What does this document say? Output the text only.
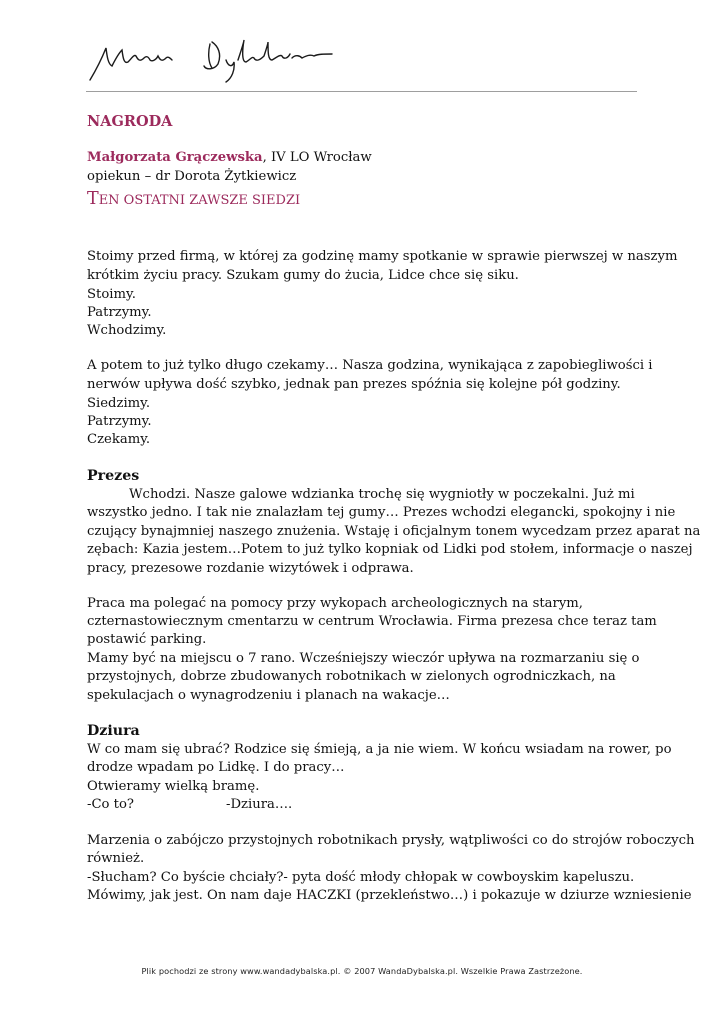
NAGRODA
Małgorzata Grączewska, IV LO Wrocław
opiekun – dr Dorota Żytkiewicz
TEN OSTATNI ZAWSZE SIEDZI
Stoimy przed firmą, w której za godzinę mamy spotkanie w sprawie pierwszej w naszym
krótkim życiu pracy. Szukam gumy do żucia, Lidce chce się siku.
Stoimy.
Patrzymy.
Wchodzimy.
A potem to już tylko długo czekamy… Nasza godzina, wynikająca z zapobiegliwości i
nerwów upływa dość szybko, jednak pan prezes spóźnia się kolejne pół godziny.
Siedzimy.
Patrzymy.
Czekamy.
Prezes
Wchodzi. Nasze galowe wdzianka trochę się wygniotły w poczekalni. Już mi
wszystko jedno. I tak nie znalazłam tej gumy… Prezes wchodzi elegancki, spokojny i nie
czujący bynajmniej naszego znużenia. Wstaję i oficjalnym tonem wycedzam przez aparat na
zębach: Kazia jestem…Potem to już tylko kopniak od Lidki pod stołem, informacje o naszej
pracy, prezesowe rozdanie wizytówek i odprawa.
Praca ma polegać na pomocy przy wykopach archeologicznych na starym,
czternastowiecznym cmentarzu w centrum Wrocławia. Firma prezesa chce teraz tam
postawić parking.
Mamy być na miejscu o 7 rano. Wcześniejszy wieczór upływa na rozmarzaniu się o
przystojnych, dobrze zbudowanych robotnikach w zielonych ogrodniczkach, na
spekulacjach o wynagrodzeniu i planach na wakacje…
Dziura
W co mam się ubrać? Rodzice się śmieją, a ja nie wiem. W końcu wsiadam na rower, po
drodze wpadam po Lidkę. I do pracy…
Otwieramy wielką bramę.
-Co to?	-Dziura….
Marzenia o zabójczo przystojnych robotnikach prysły, wątpliwości co do strojów roboczych
również.
-Słucham? Co byście chciały?- pyta dość młody chłopak w cowboyskim kapeluszu.
Mówimy, jak jest. On nam daje HACZKI (przekleństwo…) i pokazuje w dziurze wzniesienie
Plik pochodzi ze strony www.wandadybalska.pl. © 2007 WandaDybalska.pl. Wszelkie Prawa Zastrzeżone.
